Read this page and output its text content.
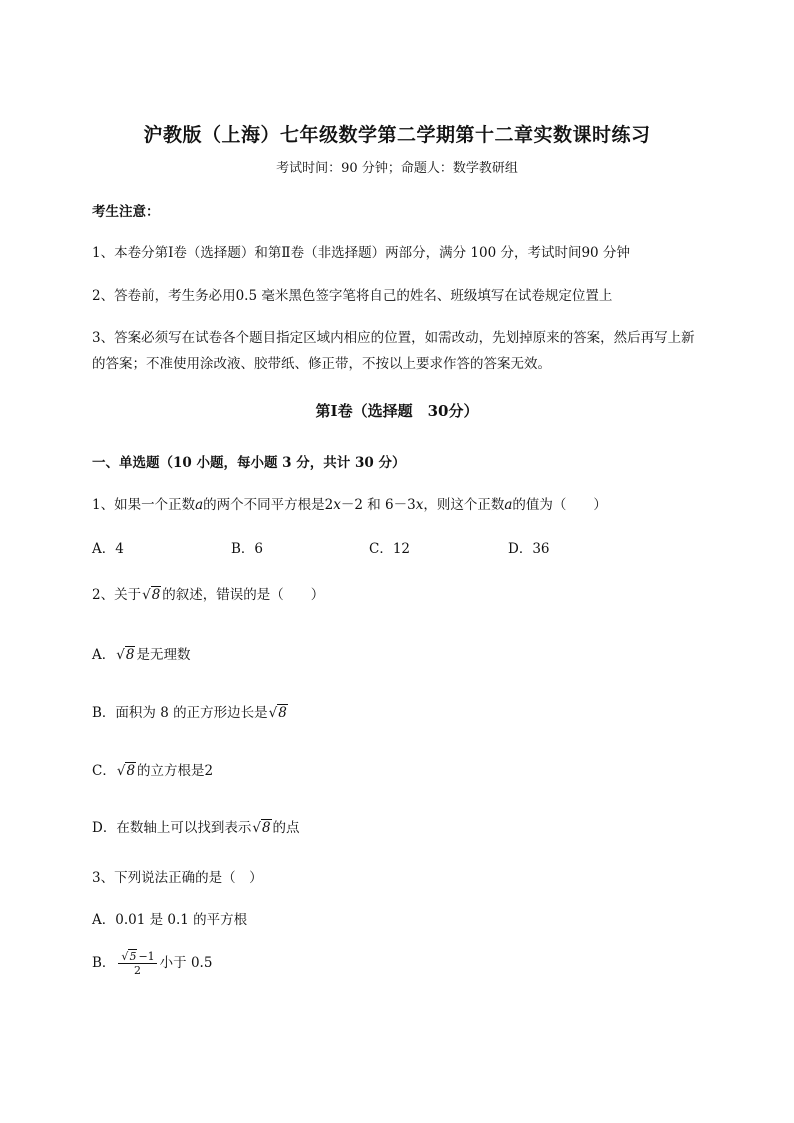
沪教版（上海）七年级数学第二学期第十二章实数课时练习
考试时间：90 分钟；命题人：数学教研组
考生注意：
1、本卷分第Ⅰ卷（选择题）和第Ⅱ卷（非选择题）两部分，满分 100 分，考试时间90 分钟
2、答卷前，考生务必用0.5 毫米黑色签字笔将自己的姓名、班级填写在试卷规定位置上
3、答案必须写在试卷各个题目指定区域内相应的位置，如需改动，先划掉原来的答案，然后再写上新
的答案；不准使用涂改液、胶带纸、修正带，不按以上要求作答的答案无效。
第Ⅰ卷（选择题　30分）
一、单选题（10 小题，每小题 3 分，共计 30 分）
1、如果一个正数a的两个不同平方根是2x－2 和 6－3x，则这个正数a的值为（　　）
A．4	B．6	C．12	D．36
2、关于√8 的叙述，错误的是（　　）
A．√8 是无理数
B．面积为 8 的正方形边长是√8
C．√8 的立方根是2
D．在数轴上可以找到表示√8 的点
3、下列说法正确的是（　）
A．0.01 是 0.1 的平方根
B． $\frac{√5 -1}{2}$ 小于 0.5
